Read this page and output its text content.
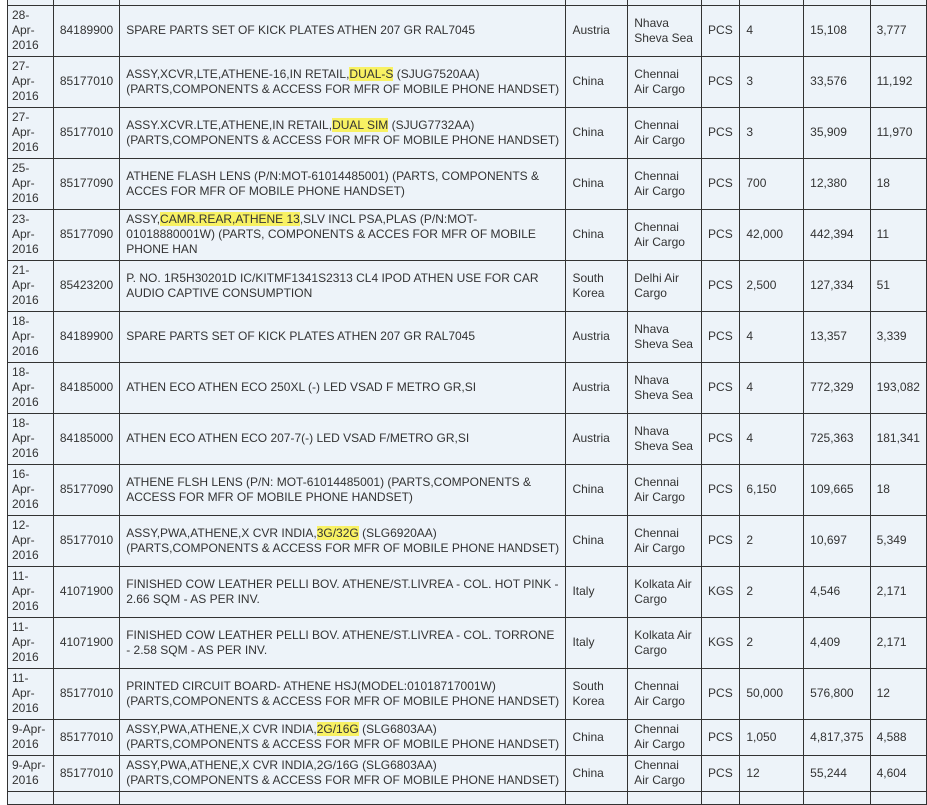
28-Apr-2016	84189900	SPARE PARTS SET OF KICK PLATES ATHEN 207 GR RAL7045	Austria	Nhava Sheva Sea	PCS	4	15,108	3,777
27-Apr-2016	85177010	ASSY,XCVR,LTE,ATHENE-16,IN RETAIL,DUAL-S (SJUG7520AA) (PARTS,COMPONENTS & ACCESS FOR MFR OF MOBILE PHONE HANDSET)	China	Chennai Air Cargo	PCS	3	33,576	11,192
27-Apr-2016	85177010	ASSY.XCVR.LTE,ATHENE,IN RETAIL,DUAL SIM (SJUG7732AA) (PARTS,COMPONENTS & ACCESS FOR MFR OF MOBILE PHONE HANDSET)	China	Chennai Air Cargo	PCS	3	35,909	11,970
25-Apr-2016	85177090	ATHENE FLASH LENS (P/N:MOT-61014485001) (PARTS, COMPONENTS & ACCES FOR MFR OF MOBILE PHONE HANDSET)	China	Chennai Air Cargo	PCS	700	12,380	18
23-Apr-2016	85177090	ASSY,CAMR.REAR,ATHENE 13,SLV INCL PSA,PLAS (P/N:MOT-01018880001W) (PARTS, COMPONENTS & ACCES FOR MFR OF MOBILE PHONE HAN	China	Chennai Air Cargo	PCS	42,000	442,394	11
21-Apr-2016	85423200	P. NO. 1R5H30201D IC/KITMF1341S2313 CL4 IPOD ATHEN USE FOR CAR AUDIO CAPTIVE CONSUMPTION	South Korea	Delhi Air Cargo	PCS	2,500	127,334	51
18-Apr-2016	84189900	SPARE PARTS SET OF KICK PLATES ATHEN 207 GR RAL7045	Austria	Nhava Sheva Sea	PCS	4	13,357	3,339
18-Apr-2016	84185000	ATHEN ECO ATHEN ECO 250XL (-) LED VSAD F METRO GR,SI	Austria	Nhava Sheva Sea	PCS	4	772,329	193,082
18-Apr-2016	84185000	ATHEN ECO ATHEN ECO 207-7(-) LED VSAD F/METRO GR,SI	Austria	Nhava Sheva Sea	PCS	4	725,363	181,341
16-Apr-2016	85177090	ATHENE FLSH LENS (P/N: MOT-61014485001) (PARTS,COMPONENTS & ACCESS FOR MFR OF MOBILE PHONE HANDSET)	China	Chennai Air Cargo	PCS	6,150	109,665	18
12-Apr-2016	85177010	ASSY,PWA,ATHENE,X CVR INDIA,3G/32G (SLG6920AA) (PARTS,COMPONENTS & ACCESS FOR MFR OF MOBILE PHONE HANDSET)	China	Chennai Air Cargo	PCS	2	10,697	5,349
11-Apr-2016	41071900	FINISHED COW LEATHER PELLI BOV. ATHENE/ST.LIVREA - COL. HOT PINK - 2.66 SQM - AS PER INV.	Italy	Kolkata Air Cargo	KGS	2	4,546	2,171
11-Apr-2016	41071900	FINISHED COW LEATHER PELLI BOV. ATHENE/ST.LIVREA - COL. TORRONE - 2.58 SQM - AS PER INV.	Italy	Kolkata Air Cargo	KGS	2	4,409	2,171
11-Apr-2016	85177010	PRINTED CIRCUIT BOARD- ATHENE HSJ(MODEL:01018717001W) (PARTS,COMPONENTS & ACCESS FOR MFR OF MOBILE PHONE HANDSET)	South Korea	Chennai Air Cargo	PCS	50,000	576,800	12
9-Apr-2016	85177010	ASSY,PWA,ATHENE,X CVR INDIA,2G/16G (SLG6803AA) (PARTS,COMPONENTS & ACCESS FOR MFR OF MOBILE PHONE HANDSET)	China	Chennai Air Cargo	PCS	1,050	4,817,375	4,588
9-Apr-2016	85177010	ASSY,PWA,ATHENE,X CVR INDIA,2G/16G (SLG6803AA) (PARTS,COMPONENTS & ACCESS FOR MFR OF MOBILE PHONE HANDSET)	China	Chennai Air Cargo	PCS	12	55,244	4,604
